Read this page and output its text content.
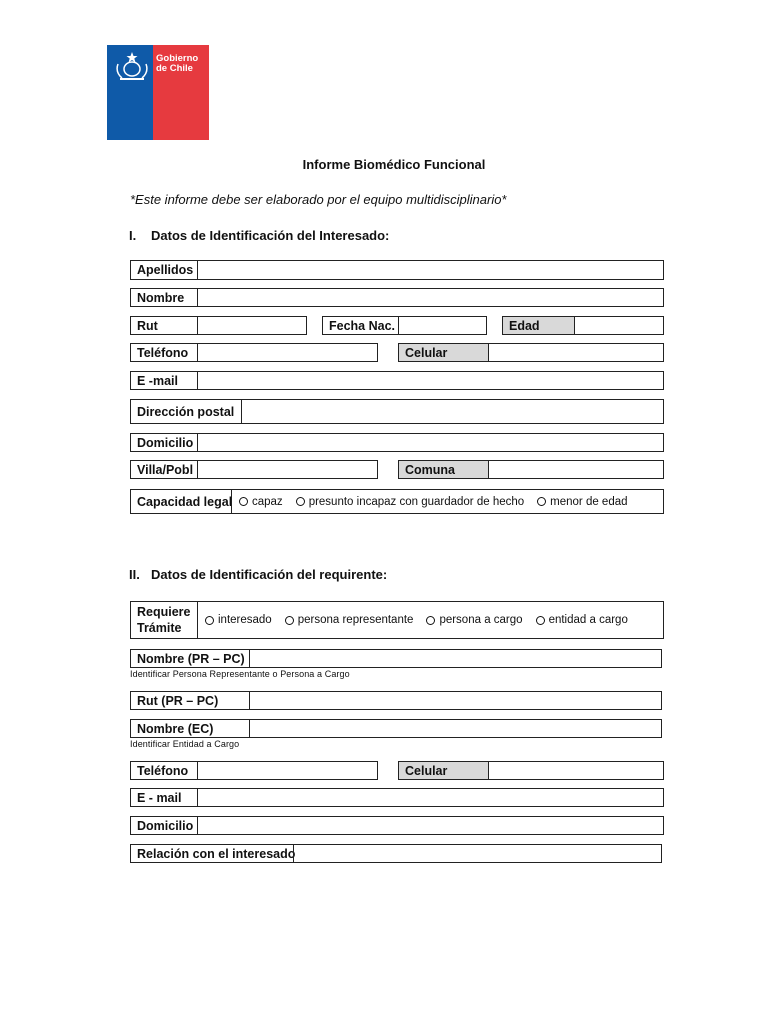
Gobierno
de Chile
Informe Biomédico Funcional
*Este informe debe ser elaborado por el equipo multidisciplinario*
I. Datos de Identificación del Interesado:
Apellidos
Nombre
Rut	Fecha Nac.	Edad
Teléfono	Celular
E -mail
Dirección postal
Domicilio
Villa/Pobl	Comuna
Capacidad legal capaz presunto incapaz con guardador de hecho menor de edad
II. Datos de Identificación del requirente:
Requiere
Trámite
interesado persona representante persona a cargo entidad a cargo
Nombre (PR – PC)
Identificar Persona Representante o Persona a Cargo
Rut (PR – PC)
Nombre (EC)
Identificar Entidad a Cargo
Teléfono	Celular
E - mail
Domicilio
Relación con el interesado
